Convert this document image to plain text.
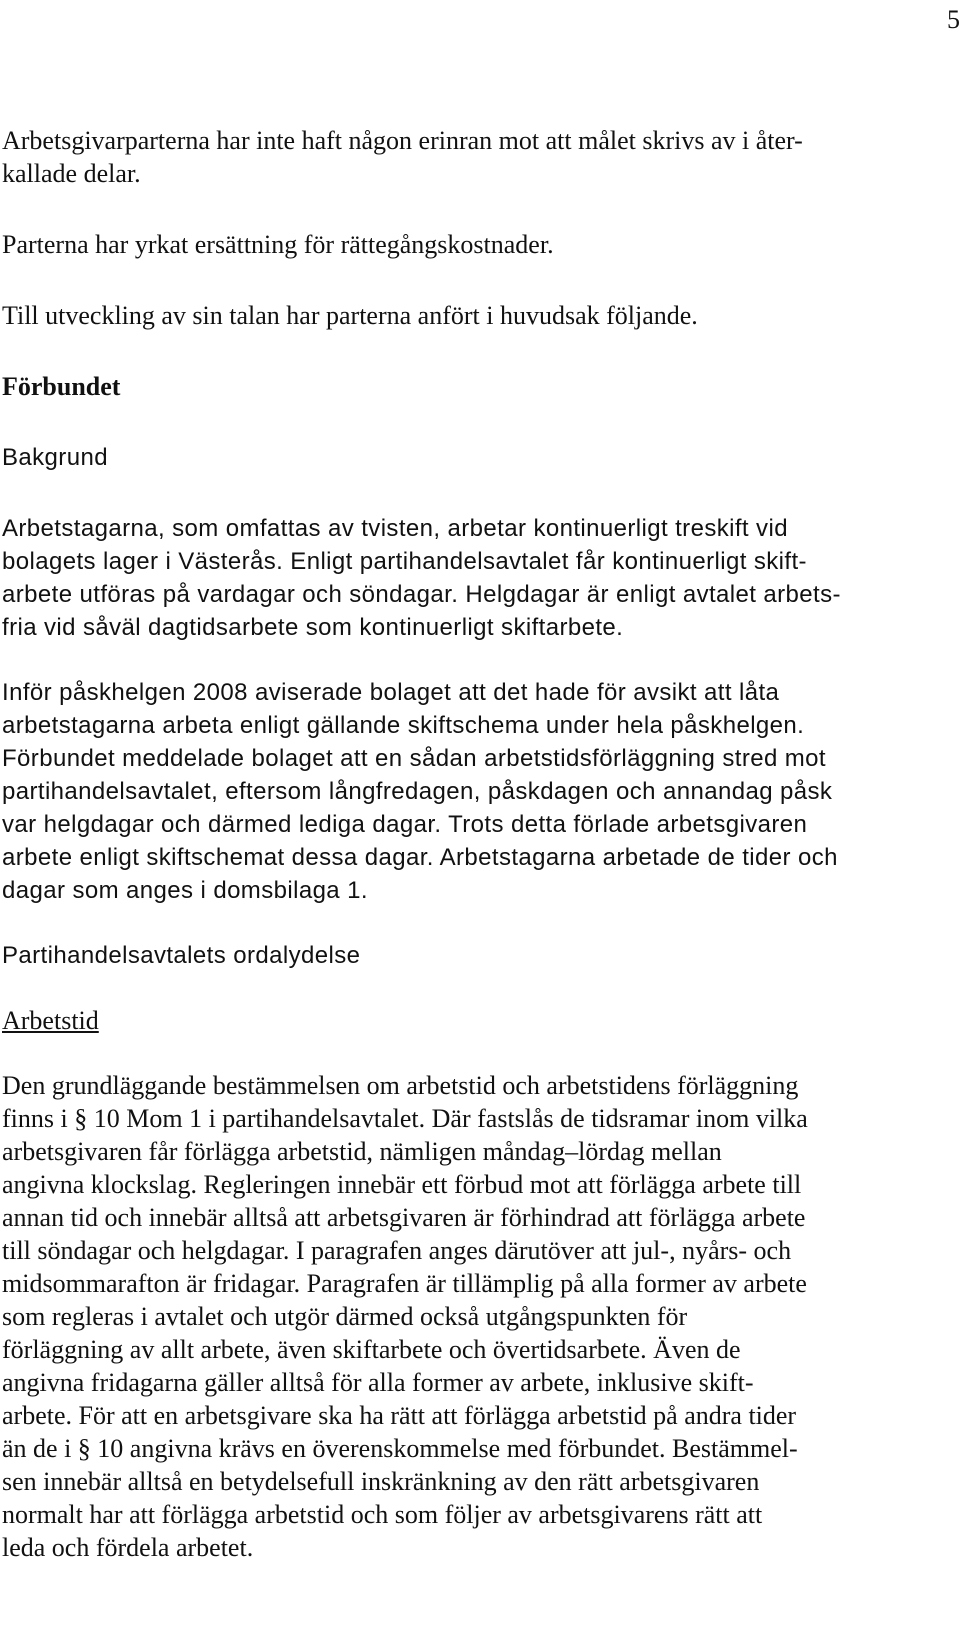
5

Arbetsgivarparterna har inte haft någon erinran mot att målet skrivs av i åter-
kallade delar.

Parterna har yrkat ersättning för rättegångskostnader.

Till utveckling av sin talan har parterna anfört i huvudsak följande.

Förbundet

Bakgrund

Arbetstagarna, som omfattas av tvisten, arbetar kontinuerligt treskift vid
bolagets lager i Västerås. Enligt partihandelsavtalet får kontinuerligt skift-
arbete utföras på vardagar och söndagar. Helgdagar är enligt avtalet arbets-
fria vid såväl dagtidsarbete som kontinuerligt skiftarbete.

Inför påskhelgen 2008 aviserade bolaget att det hade för avsikt att låta
arbetstagarna arbeta enligt gällande skiftschema under hela påskhelgen.
Förbundet meddelade bolaget att en sådan arbetstidsförläggning stred mot
partihandelsavtalet, eftersom långfredagen, påskdagen och annandag påsk
var helgdagar och därmed lediga dagar. Trots detta förlade arbetsgivaren
arbete enligt skiftschemat dessa dagar. Arbetstagarna arbetade de tider och
dagar som anges i domsbilaga 1.

Partihandelsavtalets ordalydelse

Arbetstid

Den grundläggande bestämmelsen om arbetstid och arbetstidens förläggning
finns i § 10 Mom 1 i partihandelsavtalet. Där fastslås de tidsramar inom vilka
arbetsgivaren får förlägga arbetstid, nämligen måndag–lördag mellan
angivna klockslag. Regleringen innebär ett förbud mot att förlägga arbete till
annan tid och innebär alltså att arbetsgivaren är förhindrad att förlägga arbete
till söndagar och helgdagar. I paragrafen anges därutöver att jul-, nyårs- och
midsommarafton är fridagar. Paragrafen är tillämplig på alla former av arbete
som regleras i avtalet och utgör därmed också utgångspunkten för
förläggning av allt arbete, även skiftarbete och övertidsarbete. Även de
angivna fridagarna gäller alltså för alla former av arbete, inklusive skift-
arbete. För att en arbetsgivare ska ha rätt att förlägga arbetstid på andra tider
än de i § 10 angivna krävs en överenskommelse med förbundet. Bestämmel-
sen innebär alltså en betydelsefull inskränkning av den rätt arbetsgivaren
normalt har att förlägga arbetstid och som följer av arbetsgivarens rätt att
leda och fördela arbetet.
